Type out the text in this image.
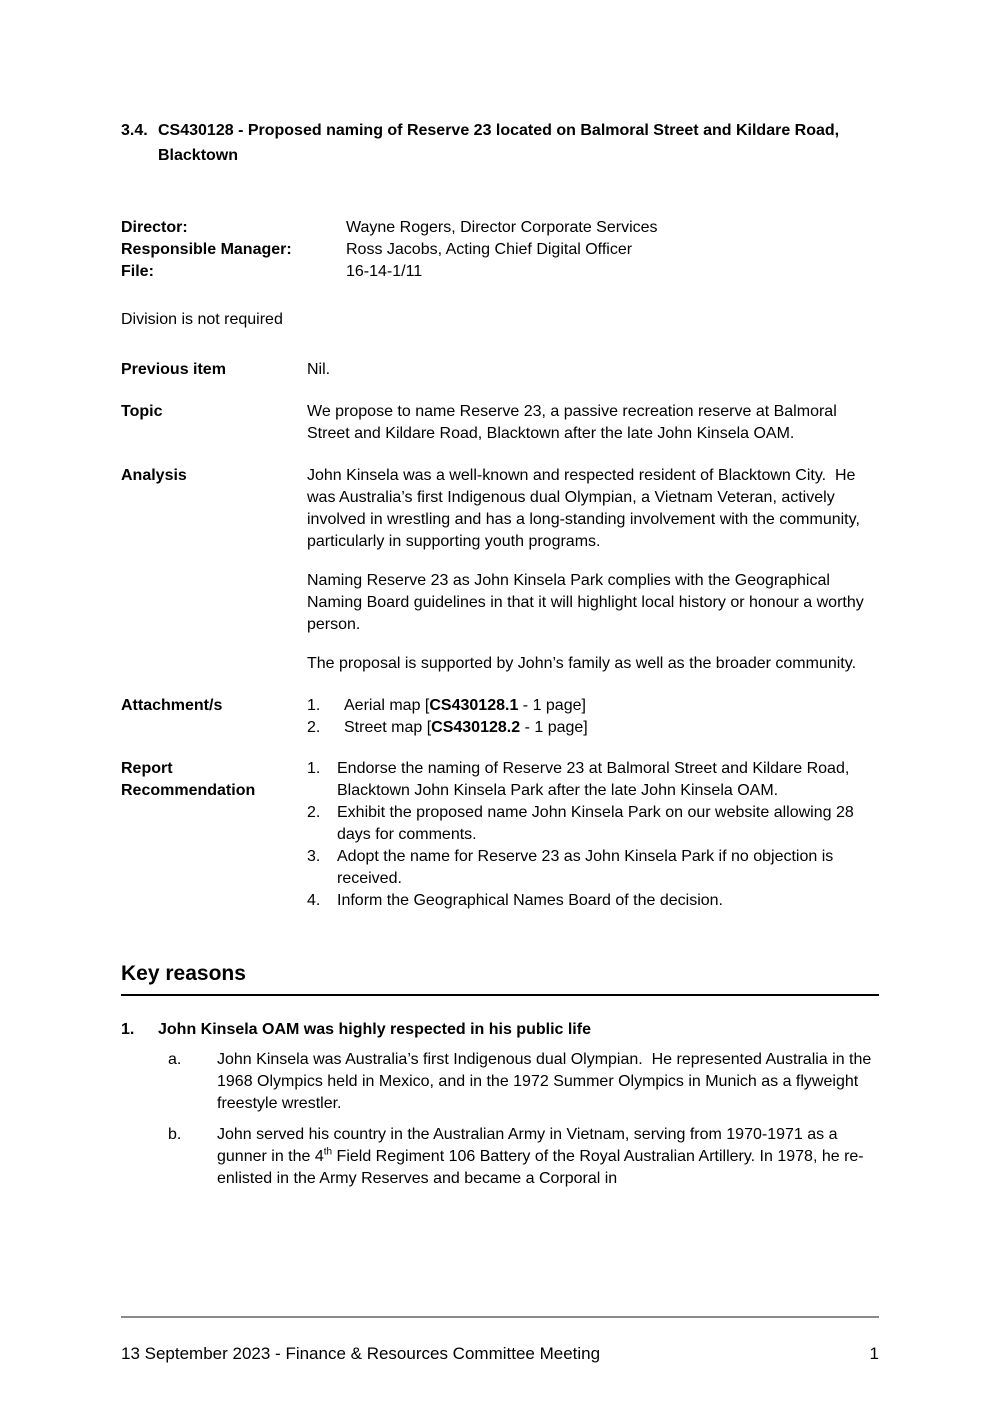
3.4. CS430128 - Proposed naming of Reserve 23 located on Balmoral Street and Kildare Road, Blacktown
Director:	Wayne Rogers, Director Corporate Services
Responsible Manager:	Ross Jacobs, Acting Chief Digital Officer
File:	16-14-1/11
Division is not required
Previous item	Nil.
Topic	We propose to name Reserve 23, a passive recreation reserve at Balmoral Street and Kildare Road, Blacktown after the late John Kinsela OAM.
Analysis	John Kinsela was a well-known and respected resident of Blacktown City.  He was Australia’s first Indigenous dual Olympian, a Vietnam Veteran, actively involved in wrestling and has a long-standing involvement with the community, particularly in supporting youth programs.
Naming Reserve 23 as John Kinsela Park complies with the Geographical Naming Board guidelines in that it will highlight local history or honour a worthy person.
The proposal is supported by John’s family as well as the broader community.
Attachment/s	1.	Aerial map [CS430128.1 - 1 page]
2.	Street map [CS430128.2 - 1 page]
Report
Recommendation
1.	Endorse the naming of Reserve 23 at Balmoral Street and Kildare Road, Blacktown John Kinsela Park after the late John Kinsela OAM.
2.	Exhibit the proposed name John Kinsela Park on our website allowing 28 days for comments.
3.	Adopt the name for Reserve 23 as John Kinsela Park if no objection is received.
4.	Inform the Geographical Names Board of the decision.
Key reasons
1.	John Kinsela OAM was highly respected in his public life
a.	John Kinsela was Australia’s first Indigenous dual Olympian.  He represented Australia in the 1968 Olympics held in Mexico, and in the 1972 Summer Olympics in Munich as a flyweight freestyle wrestler.
b.	John served his country in the Australian Army in Vietnam, serving from 1970-1971 as a gunner in the 4th Field Regiment 106 Battery of the Royal Australian Artillery. In 1978, he re-enlisted in the Army Reserves and became a Corporal in
13 September 2023 - Finance & Resources Committee Meeting	1
